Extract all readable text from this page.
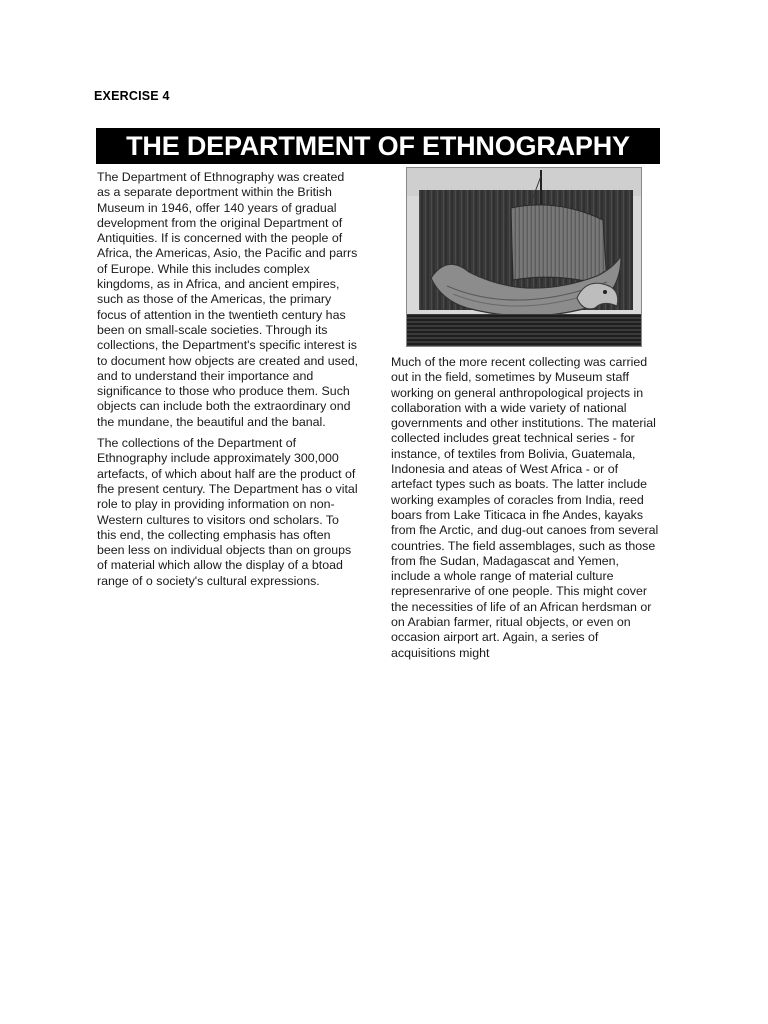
EXERCISE 4
THE DEPARTMENT OF ETHNOGRAPHY

The Department of Ethnography was created as a separate deportment within the British Museum in 1946, offer 140 years of gradual development from the original Department of Antiquities. If is concerned with the people of Africa, the Americas, Asio, the Pacific and parrs of Europe. While this includes complex kingdoms, as in Africa, and ancient empires, such as those of the Americas, the primary focus of attention in the twentieth century has been on small-scale societies. Through its collections, the Department's specific interest is to document how objects are created and used, and to understand their importance and significance to those who produce them. Such objects can include both the extraordinary ond the mundane, the beautiful and the banal.

The collections of the Department of Ethnography include approximately 300,000 artefacts, of which about half are the product of fhe present century. The Department has o vital role to play in providing information on non-Western cultures to visitors ond scholars. To this end, the collecting emphasis has often been less on individual objects than on groups of material which allow the display of a btoad range of o society's cultural expressions.

Much of the more recent collecting was carried out in the field, sometimes by Museum staff working on general anthropological projects in collaboration with a wide variety of national governments and other institutions. The material collected includes great technical series - for instance, of textiles from Bolivia, Guatemala, Indonesia and ateas of West Africa - or of artefact types such as boats. The latter include working examples of coracles from India, reed boars from Lake Titicaca in fhe Andes, kayaks from fhe Arctic, and dug-out canoes from several countries. The field assemblages, such as those from fhe Sudan, Madagascat and Yemen, include a whole range of material culture represenrarive of one people. This might cover the necessities of life of an African herdsman or on Arabian farmer, ritual objects, or even on occasion airport art. Again, a series of acquisitions might
